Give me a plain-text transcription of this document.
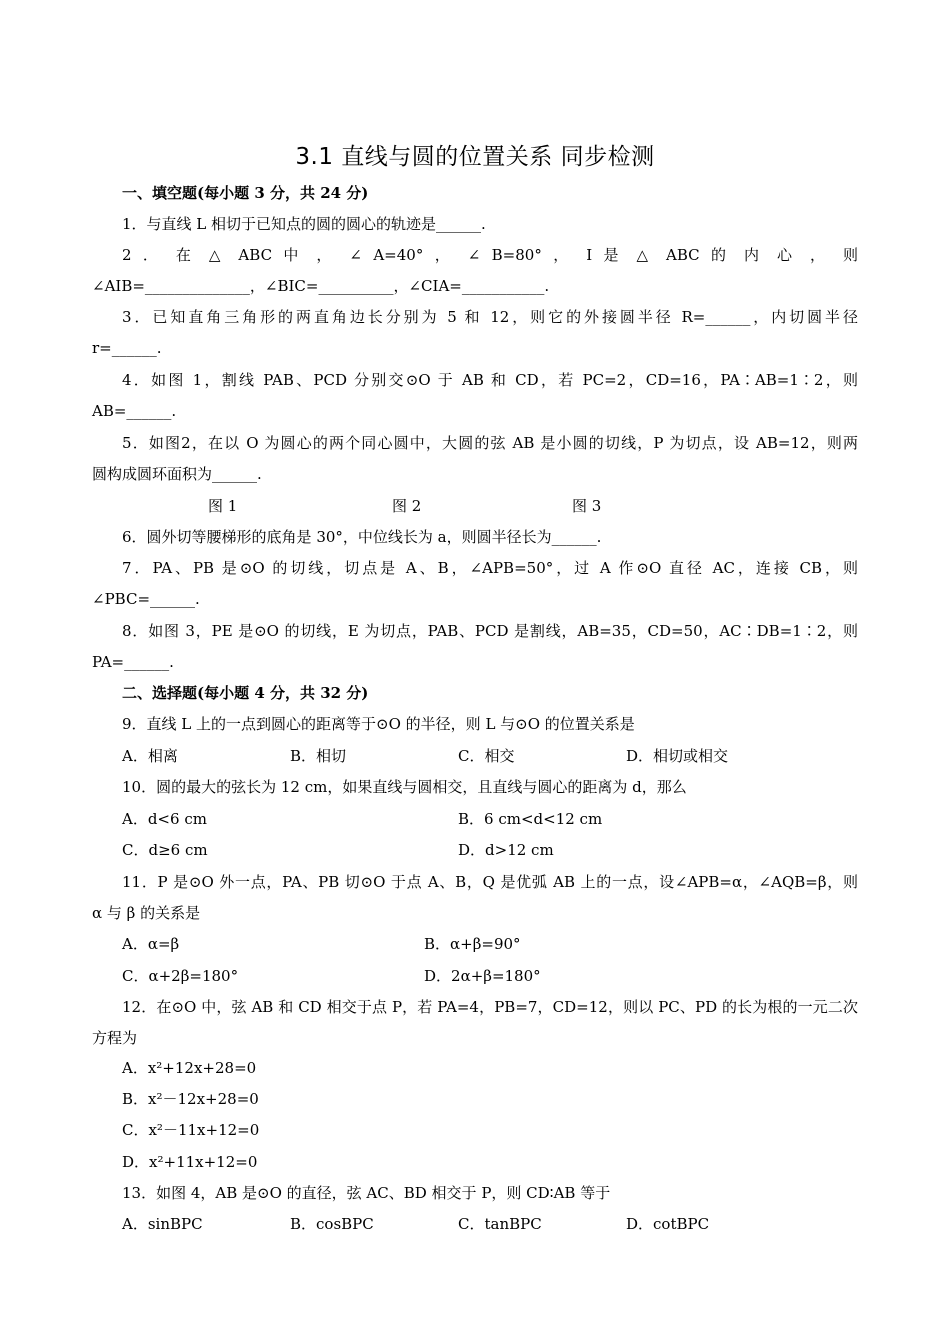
3.1 直线与圆的位置关系 同步检测
一、填空题(每小题 3 分，共 24 分)
1．与直线 L 相切于已知点的圆的圆心的轨迹是______.
2 ． 在 △ ABC 中 ， ∠ A=40° ， ∠ B=80° ， I 是 △ ABC 的 内 心 ， 则
∠AIB=______________，∠BIC=__________，∠CIA=___________.
3．已知直角三角形的两直角边长分别为 5 和 12，则它的外接圆半径 R=______，内切圆半径
r=______.
4．如图 1，割线 PAB、PCD 分别交⊙O 于 AB 和 CD，若 PC=2，CD=16，PA∶AB=1∶2，则
AB=______.
5．如图2，在以 O 为圆心的两个同心圆中，大圆的弦 AB 是小圆的切线，P 为切点，设 AB=12，则两
圆构成圆环面积为______.
图 1	图 2	图 3
6．圆外切等腰梯形的底角是 30°，中位线长为 a，则圆半径长为______.
7．PA、PB 是⊙O 的切线，切点是 A、B，∠APB=50°，过 A 作⊙O 直径 AC，连接 CB，则
∠PBC=______.
8．如图 3，PE 是⊙O 的切线，E 为切点，PAB、PCD 是割线，AB=35，CD=50，AC∶DB=1∶2，则
PA=______.
二、选择题(每小题 4 分，共 32 分)
9．直线 L 上的一点到圆心的距离等于⊙O 的半径，则 L 与⊙O 的位置关系是
A．相离	B．相切	C．相交	D．相切或相交
10．圆的最大的弦长为 12 cm，如果直线与圆相交，且直线与圆心的距离为 d，那么
A．d<6 cm	B．6 cm<d<12 cm
C．d≥6 cm	D．d>12 cm
11．P 是⊙O 外一点，PA、PB 切⊙O 于点 A、B，Q 是优弧 AB 上的一点，设∠APB=α，∠AQB=β，则
α 与 β 的关系是
A．α=β	B．α+β=90°
C．α+2β=180°	D．2α+β=180°
12．在⊙O 中，弦 AB 和 CD 相交于点 P，若 PA=4，PB=7，CD=12，则以 PC、PD 的长为根的一元二次
方程为
A．x²+12x+28=0
B．x²－12x+28=0
C．x²－11x+12=0
D．x²+11x+12=0
13．如图 4，AB 是⊙O 的直径，弦 AC、BD 相交于 P，则 CD∶AB 等于
A．sinBPC	B．cosBPC	C．tanBPC	D．cotBPC
